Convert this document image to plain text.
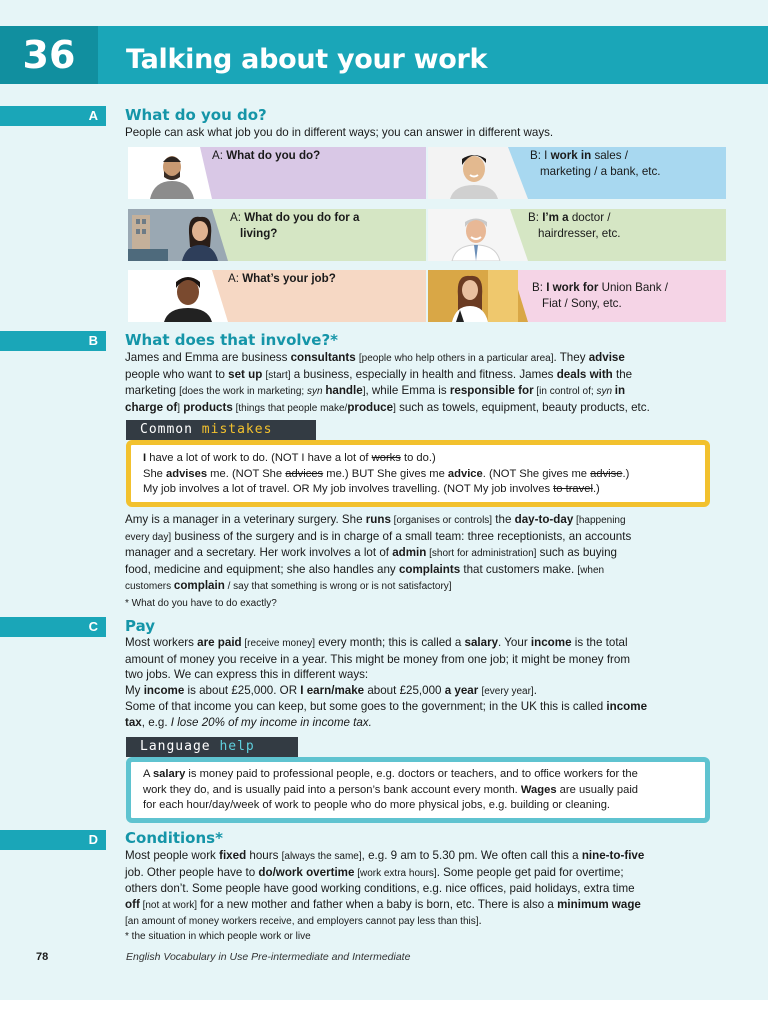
36	Talking about your work
A	What do you do?
People can ask what job you do in different ways; you can answer in different ways.
A: What do you do?	B: I work in sales /
marketing / a bank, etc.
A: What do you do for a
living?
B: I’m a doctor /
hairdresser, etc.
A: What’s your job?
B: I work for Union Bank /
Fiat / Sony, etc.
B	What does that involve?*
James and Emma are business consultants [people who help others in a particular area]. They advise
people who want to set up [start] a business, especially in health and fitness. James deals with the
marketing [does the work in marketing; syn handle], while Emma is responsible for [in control of; syn in
charge of] products [things that people make/produce] such as towels, equipment, beauty products, etc.
Common mistakes
I have a lot of work to do. (NOT I have a lot of works to do.)
She advises me. (NOT She advices me.) BUT She gives me advice. (NOT She gives me advise.)
My job involves a lot of travel. OR My job involves travelling. (NOT My job involves to travel.)
Amy is a manager in a veterinary surgery. She runs [organises or controls] the day-to-day [happening
every day] business of the surgery and is in charge of a small team: three receptionists, an accounts
manager and a secretary. Her work involves a lot of admin [short for administration] such as buying
food, medicine and equipment; she also handles any complaints that customers make. [when
customers complain / say that something is wrong or is not satisfactory]
* What do you have to do exactly?
C	Pay
Most workers are paid [receive money] every month; this is called a salary. Your income is the total
amount of money you receive in a year. This might be money from one job; it might be money from
two jobs. We can express this in different ways:
My income is about £25,000. OR I earn/make about £25,000 a year [every year].
Some of that income you can keep, but some goes to the government; in the UK this is called income
tax, e.g. I lose 20% of my income in income tax.
Language help
A salary is money paid to professional people, e.g. doctors or teachers, and to office workers for the
work they do, and is usually paid into a person’s bank account every month. Wages are usually paid
for each hour/day/week of work to people who do more physical jobs, e.g. building or cleaning.
D	Conditions*
Most people work fixed hours [always the same], e.g. 9 am to 5.30 pm. We often call this a nine-to-five
job. Other people have to do/work overtime [work extra hours]. Some people get paid for overtime;
others don’t. Some people have good working conditions, e.g. nice offices, paid holidays, extra time
off [not at work] for a new mother and father when a baby is born, etc. There is also a minimum wage
[an amount of money workers receive, and employers cannot pay less than this].
* the situation in which people work or live
78	English Vocabulary in Use Pre-intermediate and Intermediate
